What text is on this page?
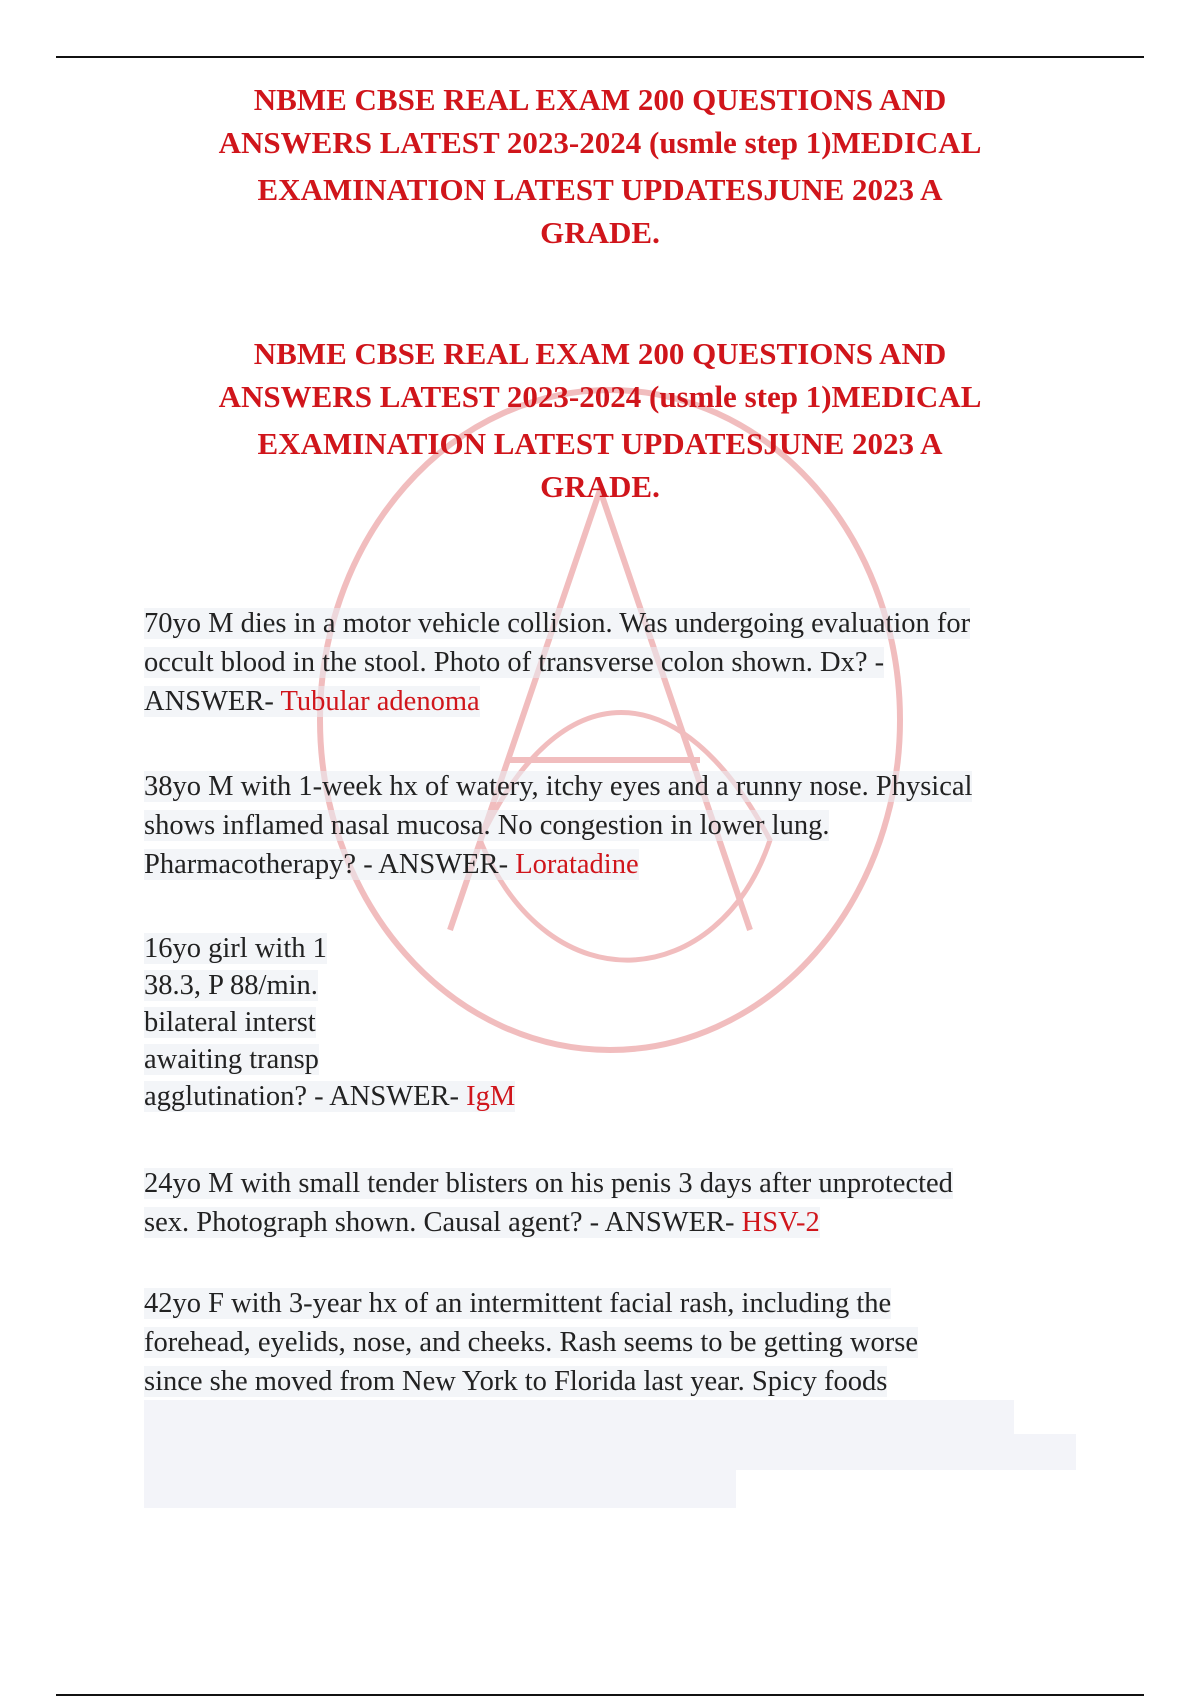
NBME CBSE REAL EXAM 200 QUESTIONS AND
ANSWERS LATEST 2023-2024 (usmle step 1)MEDICAL
EXAMINATION LATEST UPDATESJUNE 2023 A
GRADE.
NBME CBSE REAL EXAM 200 QUESTIONS AND
ANSWERS LATEST 2023-2024 (usmle step 1)MEDICAL
EXAMINATION LATEST UPDATESJUNE 2023 A
GRADE.
70yo M dies in a motor vehicle collision. Was undergoing evaluation for
occult blood in the stool. Photo of transverse colon shown. Dx? -
ANSWER- Tubular adenoma
38yo M with 1-week hx of watery, itchy eyes and a runny nose. Physical
shows inflamed nasal mucosa. No congestion in lower lung.
Pharmacotherapy? - ANSWER- Loratadine
16yo girl with 1
38.3, P 88/min.
bilateral interst
awaiting transp
agglutination? - ANSWER- IgM
24yo M with small tender blisters on his penis 3 days after unprotected
sex. Photograph shown. Causal agent? - ANSWER- HSV-2
42yo F with 3-year hx of an intermittent facial rash, including the
forehead, eyelids, nose, and cheeks. Rash seems to be getting worse
since she moved from New York to Florida last year. Spicy foods
